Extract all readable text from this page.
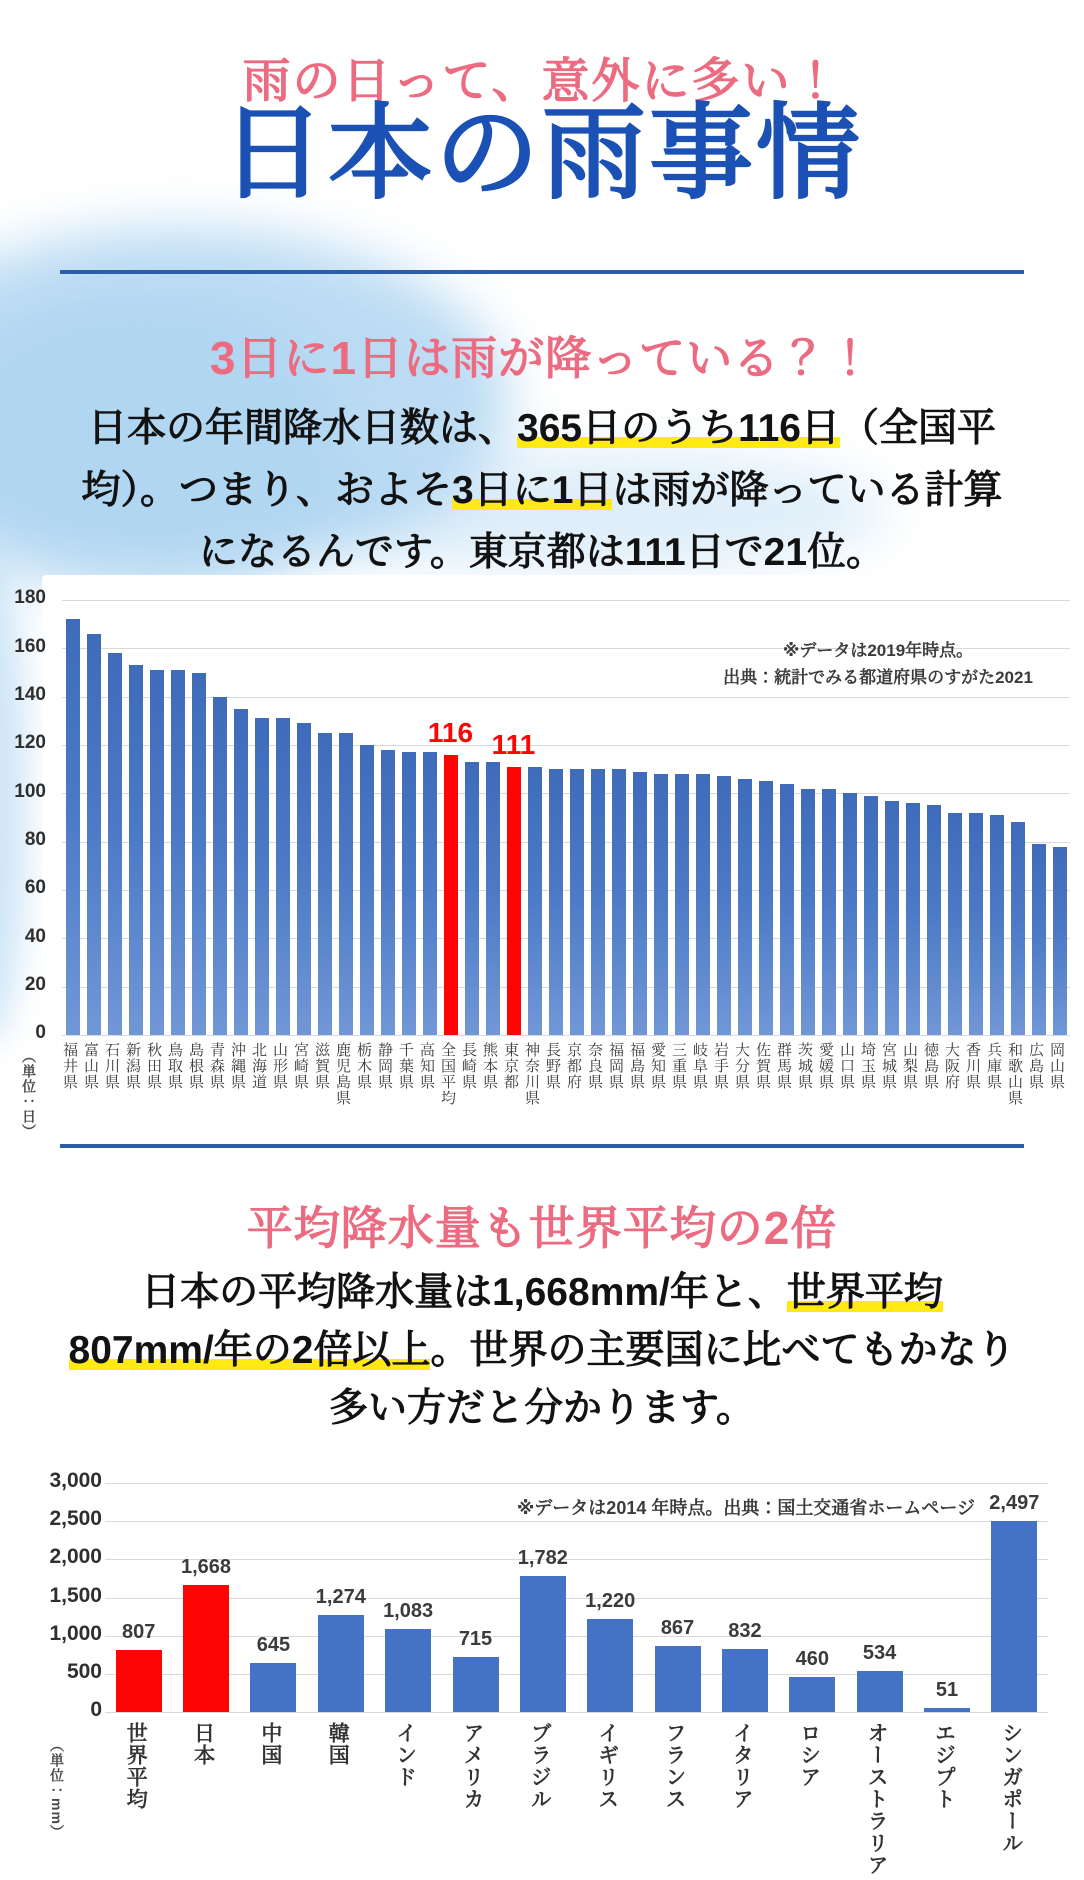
雨の日って、意外に多い！
日本の雨事情
3日に1日は雨が降っている？！
日本の年間降水日数は、365日のうち116日（全国平
均）。つまり、およそ3日に1日は雨が降っている計算
になるんです。東京都は111日で21位。
0
20
40
60
80
100
120
140
160
180
福井県 富山県 石川県 新潟県 秋田県 鳥取県 島根県 青森県 沖縄県 北海道 山形県 宮崎県 滋賀県 鹿児島県 栃木県 静岡県 千葉県 高知県 全国平均
116
長崎県 熊本県 東京都
111
神奈川県 長野県 京都府 奈良県 福岡県 福島県 愛知県 三重県 岐阜県 岩手県 大分県 佐賀県 群馬県 茨城県 愛媛県 山口県 埼玉県 宮城県 山梨県 徳島県 大阪府 香川県 兵庫県 和歌山県 広島県 岡山県
※データは2019年時点。
出典：統計でみる都道府県のすがた2021
（単位：日）
平均降水量も世界平均の2倍
日本の平均降水量は1,668mm/年と、世界平均
807mm/年の2倍以上。世界の主要国に比べてもかなり
多い方だと分かります。
0
500
1,000
1,500
2,000
2,500
3,000
世界平均
807
日本
1,668
中国
645
韓国
1,274
インド
1,083
アメリカ
715
ブラジル
1,782
イギリス
1,220
フランス
867
イタリア
832
ロシア
460
オーストラリア
534
エジプト
51
シンガポール
2,497
※データは2014 年時点。出典：国土交通省ホームページ
（単位：mm）
